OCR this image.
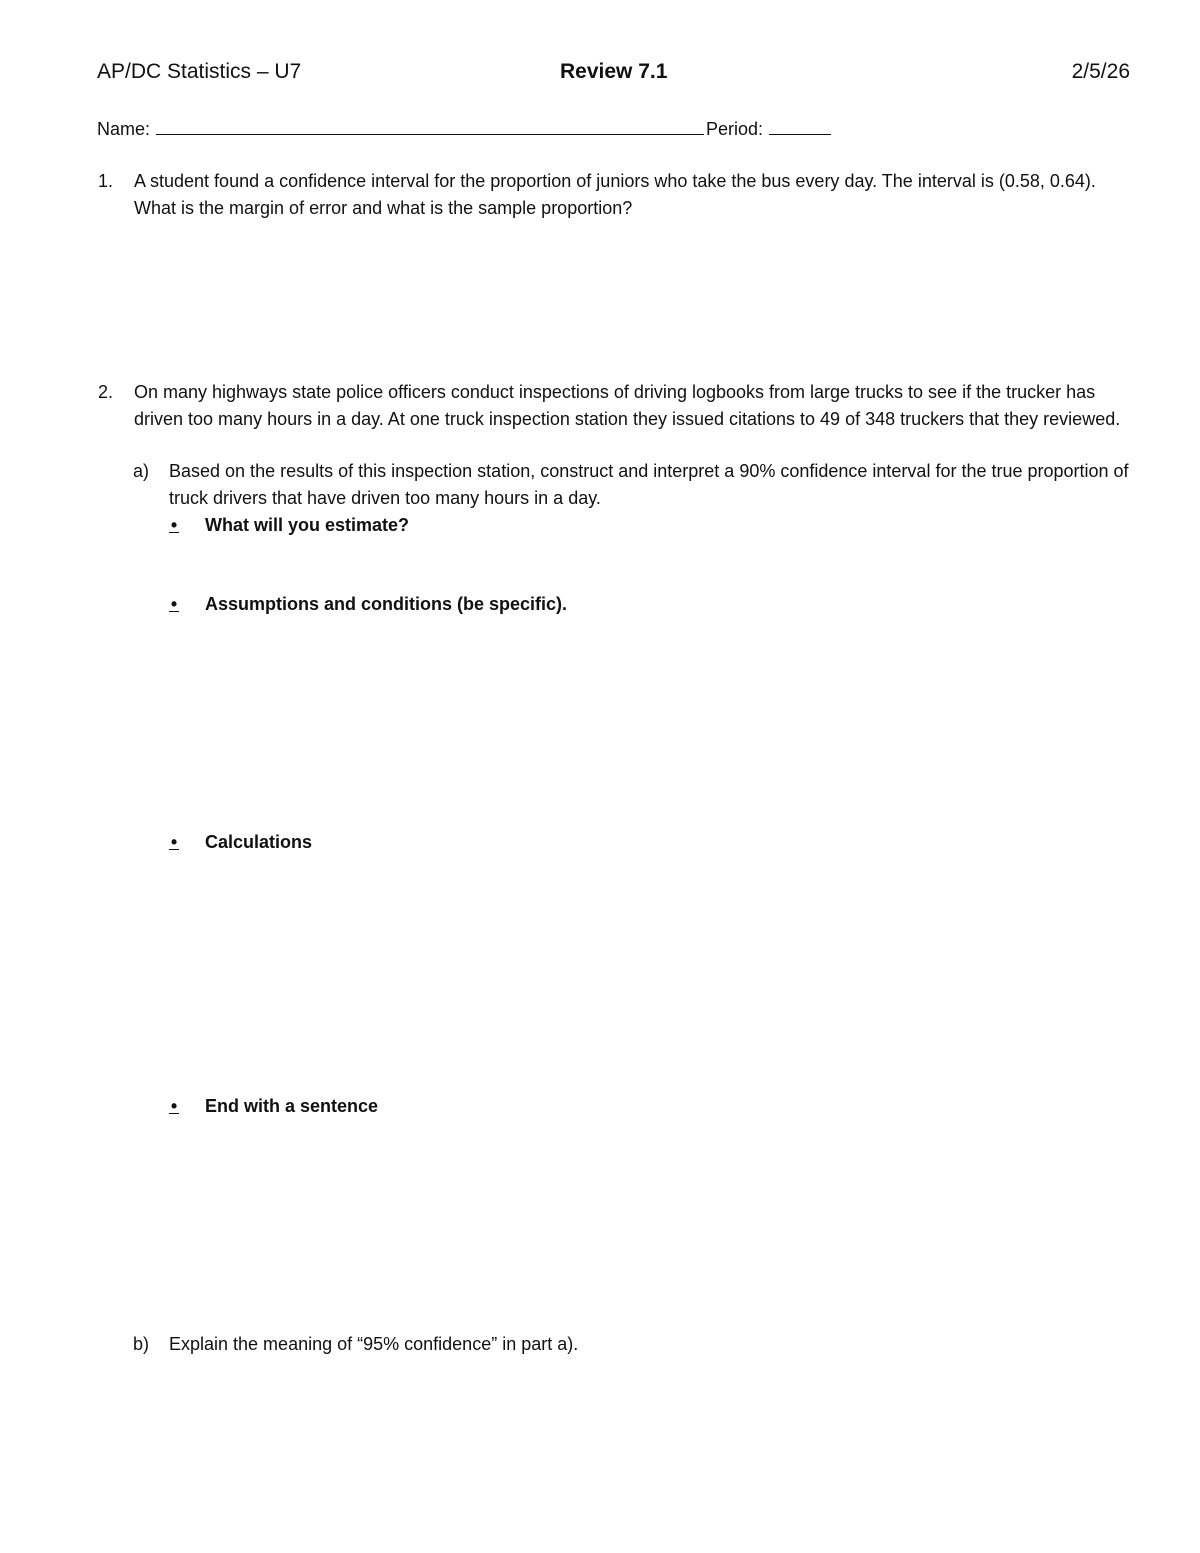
AP/DC Statistics – U7	Review 7.1	2/5/26
Name:	Period:
1. A student found a confidence interval for the proportion of juniors who take the bus every day. The interval is (0.58, 0.64). What is the margin of error and what is the sample proportion?
2. On many highways state police officers conduct inspections of driving logbooks from large trucks to see if the trucker has driven too many hours in a day. At one truck inspection station they issued citations to 49 of 348 truckers that they reviewed.
a) Based on the results of this inspection station, construct and interpret a 90% confidence interval for the true proportion of truck drivers that have driven too many hours in a day.
• What will you estimate?
• Assumptions and conditions (be specific).
• Calculations
• End with a sentence
b) Explain the meaning of “95% confidence” in part a).
